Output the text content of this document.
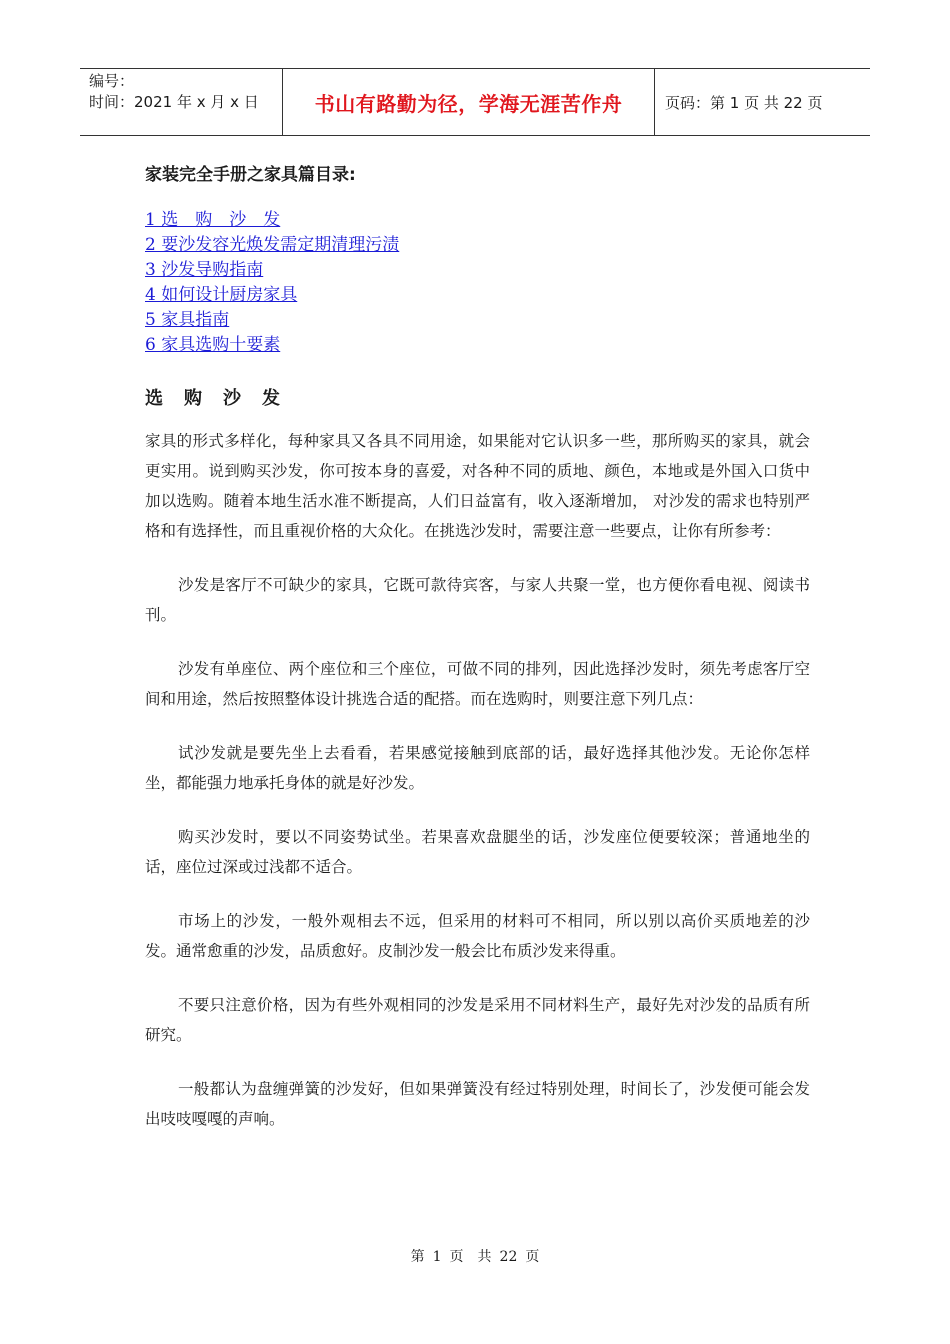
编号：
时间：2021 年 x 月 x 日	书山有路勤为径，学海无涯苦作舟	页码：第 1 页 共 22 页
家装完全手册之家具篇目录:
1 选　购　沙　发
2 要沙发容光焕发需定期清理污渍
3 沙发导购指南
4 如何设计厨房家具
5 家具指南
6 家具选购十要素
选购沙发

家具的形式多样化，每种家具又各具不同用途，如果能对它认识多一些，那所购买的家具，就会更实用。说到购买沙发，你可按本身的喜爱，对各种不同的质地、颜色，本地或是外国入口货中加以选购。随着本地生活水准不断提高，人们日益富有，收入逐渐增加， 对沙发的需求也特别严格和有选择性，而且重视价格的大众化。在挑选沙发时，需要注意一些要点，让你有所参考：

沙发是客厅不可缺少的家具，它既可款待宾客，与家人共聚一堂，也方便你看电视、阅读书刊。

沙发有单座位、两个座位和三个座位，可做不同的排列，因此选择沙发时，须先考虑客厅空间和用途，然后按照整体设计挑选合适的配搭。而在选购时，则要注意下列几点：

试沙发就是要先坐上去看看，若果感觉接触到底部的话，最好选择其他沙发。无论你怎样坐，都能强力地承托身体的就是好沙发。

购买沙发时，要以不同姿势试坐。若果喜欢盘腿坐的话，沙发座位便要较深；普通地坐的话，座位过深或过浅都不适合。

市场上的沙发，一般外观相去不远，但采用的材料可不相同，所以别以高价买质地差的沙发。通常愈重的沙发，品质愈好。皮制沙发一般会比布质沙发来得重。

不要只注意价格，因为有些外观相同的沙发是采用不同材料生产，最好先对沙发的品质有所研究。

一般都认为盘缠弹簧的沙发好，但如果弹簧没有经过特别处理，时间长了，沙发便可能会发出吱吱嘎嘎的声响。

第 1 页　共 22 页
